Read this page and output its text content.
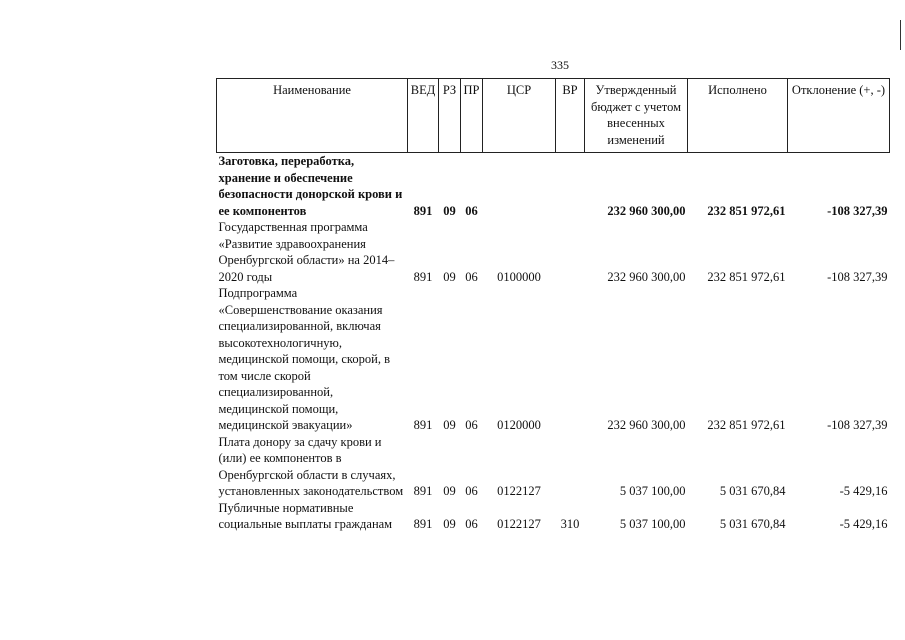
335
Наименование	ВЕД	РЗ	ПР	ЦСР	ВР	Утвержденный бюджет с учетом внесенных изменений	Исполнено	Отклонение (+, -)
Заготовка, переработка, хранение и обеспечение безопасности донорской крови и ее компонентов	891	09	06			232 960 300,00	232 851 972,61	-108 327,39
Государственная программа «Развитие здравоохранения Оренбургской области» на 2014–2020 годы	891	09	06	0100000		232 960 300,00	232 851 972,61	-108 327,39
Подпрограмма «Совершенствование оказания специализированной, включая высокотехнологичную, медицинской помощи, скорой, в том числе скорой специализированной, медицинской помощи, медицинской эвакуации»	891	09	06	0120000		232 960 300,00	232 851 972,61	-108 327,39
Плата донору за сдачу крови и (или) ее компонентов в Оренбургской области в случаях, установленных законодательством	891	09	06	0122127		5 037 100,00	5 031 670,84	-5 429,16
Публичные нормативные социальные выплаты гражданам	891	09	06	0122127	310	5 037 100,00	5 031 670,84	-5 429,16
